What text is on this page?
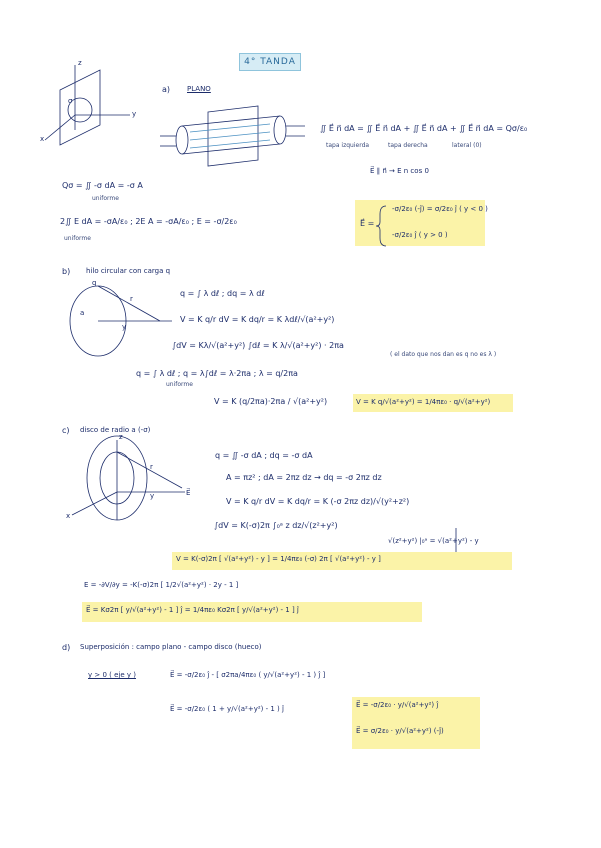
4° TANDA
z
y
x
σ
q
r
y
a
z
x
y
r
E⃗
a) PLANO
∬ E⃗ n⃗ dA = ∬ E⃗ n⃗ dA + ∬ E⃗ n⃗ dA + ∬ E⃗ n⃗ dA = Qσ/ε₀
tapa izquierda	tapa derecha	lateral (0)
E⃗ ∥ n⃗ → E n cos 0
Qσ = ∬ -σ dA = -σ A
uniforme
2∬ E dA = -σA/ε₀ ; 2E A = -σA/ε₀ ; E = -σ/2ε₀
uniforme
E⃗ =
-σ/2ε₀ (-ĵ) = σ/2ε₀ ĵ ( y < 0 )
-σ/2ε₀ ĵ ( y > 0 )
b) hilo circular con carga q
q = ∫ λ dℓ ; dq = λ dℓ
V = K q/r dV = K dq/r = K λdℓ/√(a²+y²)
∫dV = Kλ/√(a²+y²) ∫dℓ = K λ/√(a²+y²) · 2πa
( el dato que nos dan es q no es λ )
q = ∫ λ dℓ ; q = λ∫dℓ = λ·2πa ; λ = q/2πa
uniforme
V = K (q/2πa)·2πa / √(a²+y²)	V = K q/√(a²+y²) = 1/4πε₀ · q/√(a²+y²)
c) disco de radio a (-σ)
q = ∬ -σ dA ; dq = -σ dA
A = πz² ; dA = 2πz dz → dq = -σ 2πz dz
V = K q/r dV = K dq/r = K (-σ 2πz dz)/√(y²+z²)
∫dV = K(-σ)2π ∫₀ᵃ z dz/√(z²+y²)
√(z²+y²) |₀ᵃ = √(a²+y²) - y
V = K(-σ)2π [ √(a²+y²) - y ] = 1/4πε₀ (-σ) 2π [ √(a²+y²) - y ]
E = -∂V/∂y = -K(-σ)2π [ 1/2√(a²+y²) · 2y - 1 ]
E⃗ = Kσ2π [ y/√(a²+y²) - 1 ] ĵ = 1/4πε₀ Kσ2π [ y/√(a²+y²) - 1 ] ĵ
d) Superposición : campo plano - campo disco (hueco)
y > 0 ( eje y )	E⃗ = -σ/2ε₀ ĵ - [ σ2πa/4πε₀ ( y/√(a²+y²) - 1 ) ĵ ]
E⃗ = -σ/2ε₀ ( 1 + y/√(a²+y²) - 1 ) ĵ	E⃗ = -σ/2ε₀ · y/√(a²+y²) ĵ
E⃗ = σ/2ε₀ · y/√(a²+y²) (-ĵ)
